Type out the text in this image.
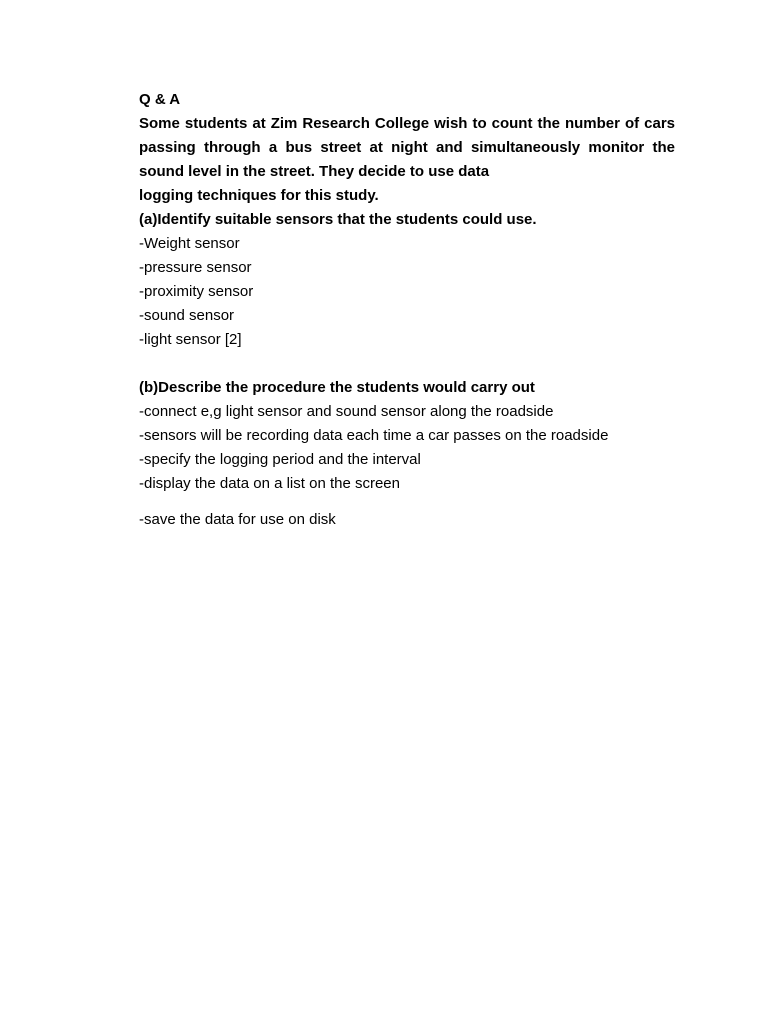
Q & A
Some students at Zim Research College wish to count the number of cars passing through a bus street at night and simultaneously monitor the sound level in the street. They decide to use data
logging techniques for this study.
(a)Identify suitable sensors that the students could use.
-Weight sensor
-pressure sensor
-proximity sensor
-sound sensor
-light sensor [2]
(b)Describe the procedure the students would carry out
-connect e,g light sensor and sound sensor along the roadside
-sensors will be recording data each time a car passes on the roadside
-specify the logging period and the interval
-display the data on a list on the screen
-save the data for use on disk
